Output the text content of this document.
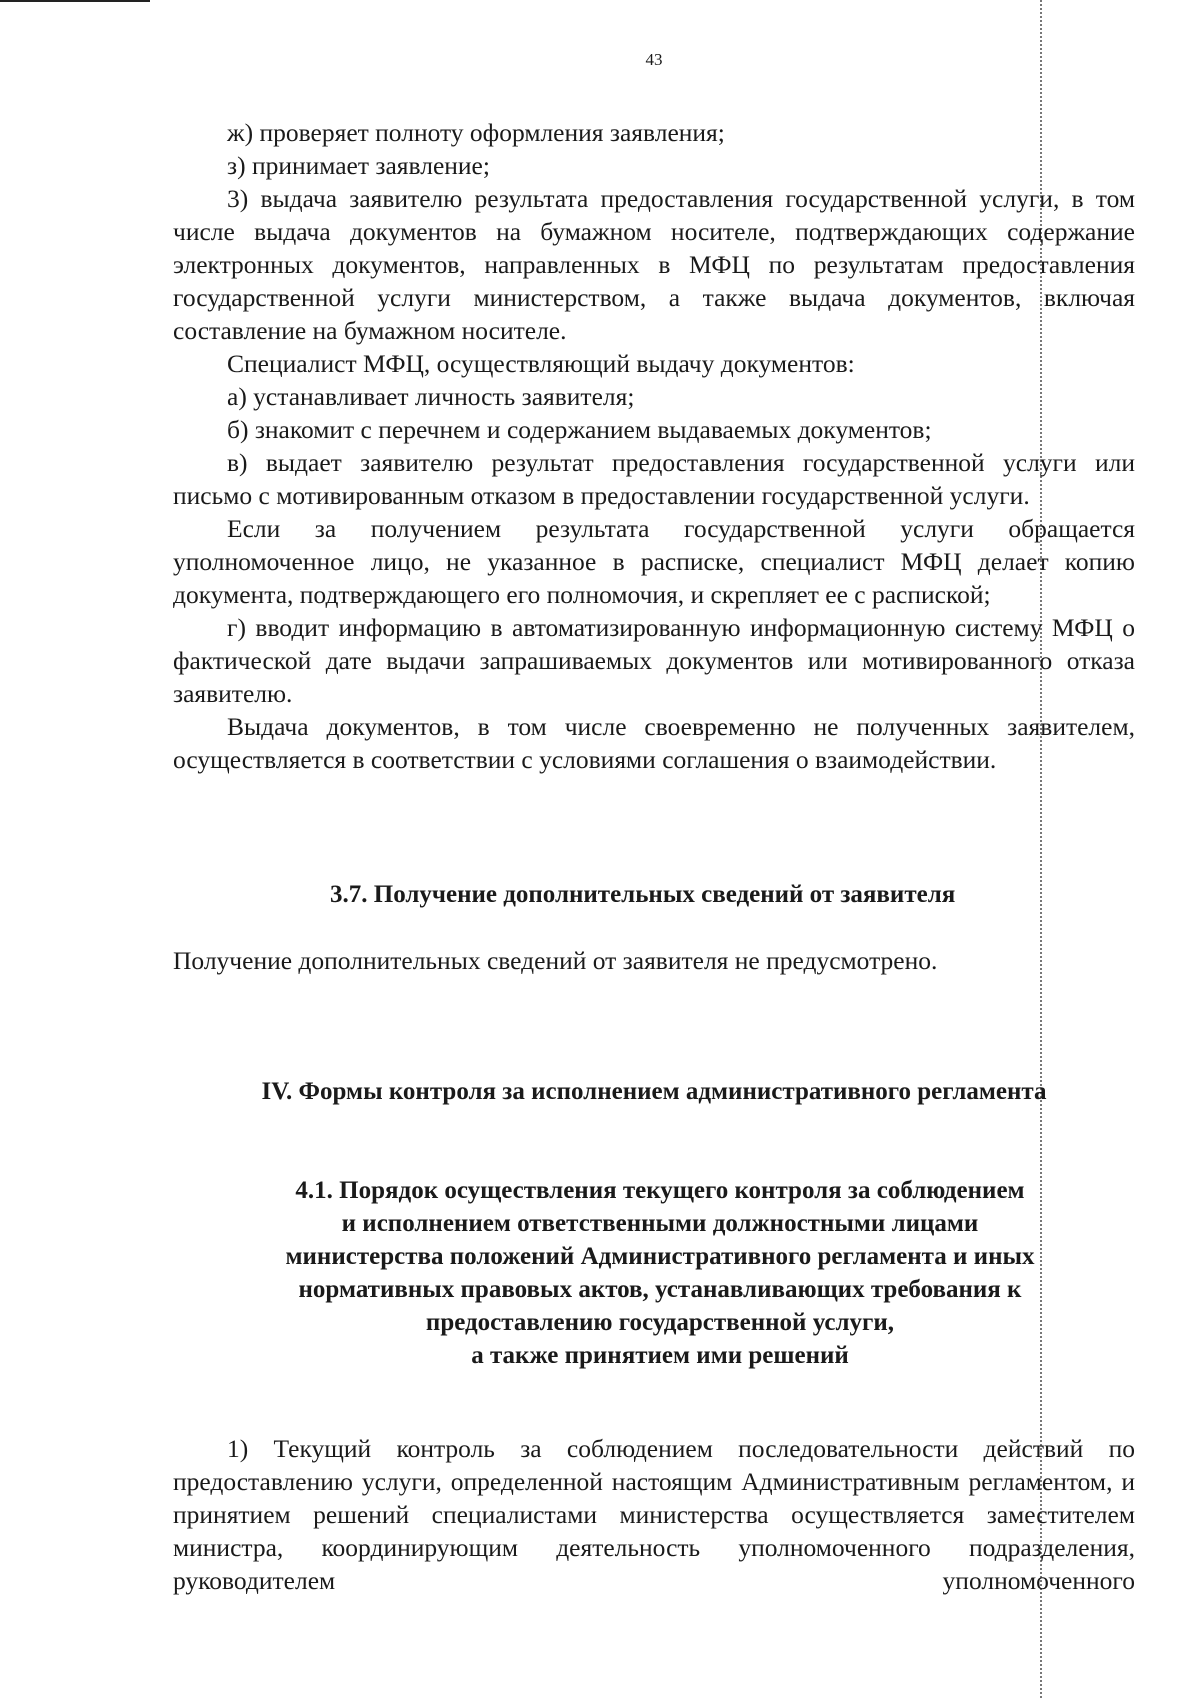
43

ж) проверяет полноту оформления заявления;

з) принимает заявление;

3) выдача заявителю результата предоставления государственной услуги, в том числе выдача документов на бумажном носителе, подтверждающих содержание электронных документов, направленных в МФЦ по результатам предоставления государственной услуги министерством, а также выдача документов, включая составление на бумажном носителе.

Специалист МФЦ, осуществляющий выдачу документов:

а) устанавливает личность заявителя;

б) знакомит с перечнем и содержанием выдаваемых документов;

в) выдает заявителю результат предоставления государственной услуги или письмо с мотивированным отказом в предоставлении государственной услуги.

Если за получением результата государственной услуги обращается уполномоченное лицо, не указанное в расписке, специалист МФЦ делает копию документа, подтверждающего его полномочия, и скрепляет ее с распиской;

г) вводит информацию в автоматизированную информационную систему МФЦ о фактической дате выдачи запрашиваемых документов или мотивированного отказа заявителю.

Выдача документов, в том числе своевременно не полученных заявителем, осуществляется в соответствии с условиями соглашения о взаимодействии.

3.7. Получение дополнительных сведений от заявителя
Получение дополнительных сведений от заявителя не предусмотрено.
IV. Формы контроля за исполнением административного регламента

4.1. Порядок осуществления текущего контроля за соблюдением

и исполнением ответственными должностными лицами

министерства положений Административного регламента и иных

нормативных правовых актов, устанавливающих требования к

предоставлению государственной услуги,

а также принятием ими решений

1) Текущий контроль за соблюдением последовательности действий по предоставлению услуги, определенной настоящим Административным регламентом, и принятием решений специалистами министерства осуществляется заместителем министра, координирующим деятельность уполномоченного подразделения, руководителем уполномоченного
